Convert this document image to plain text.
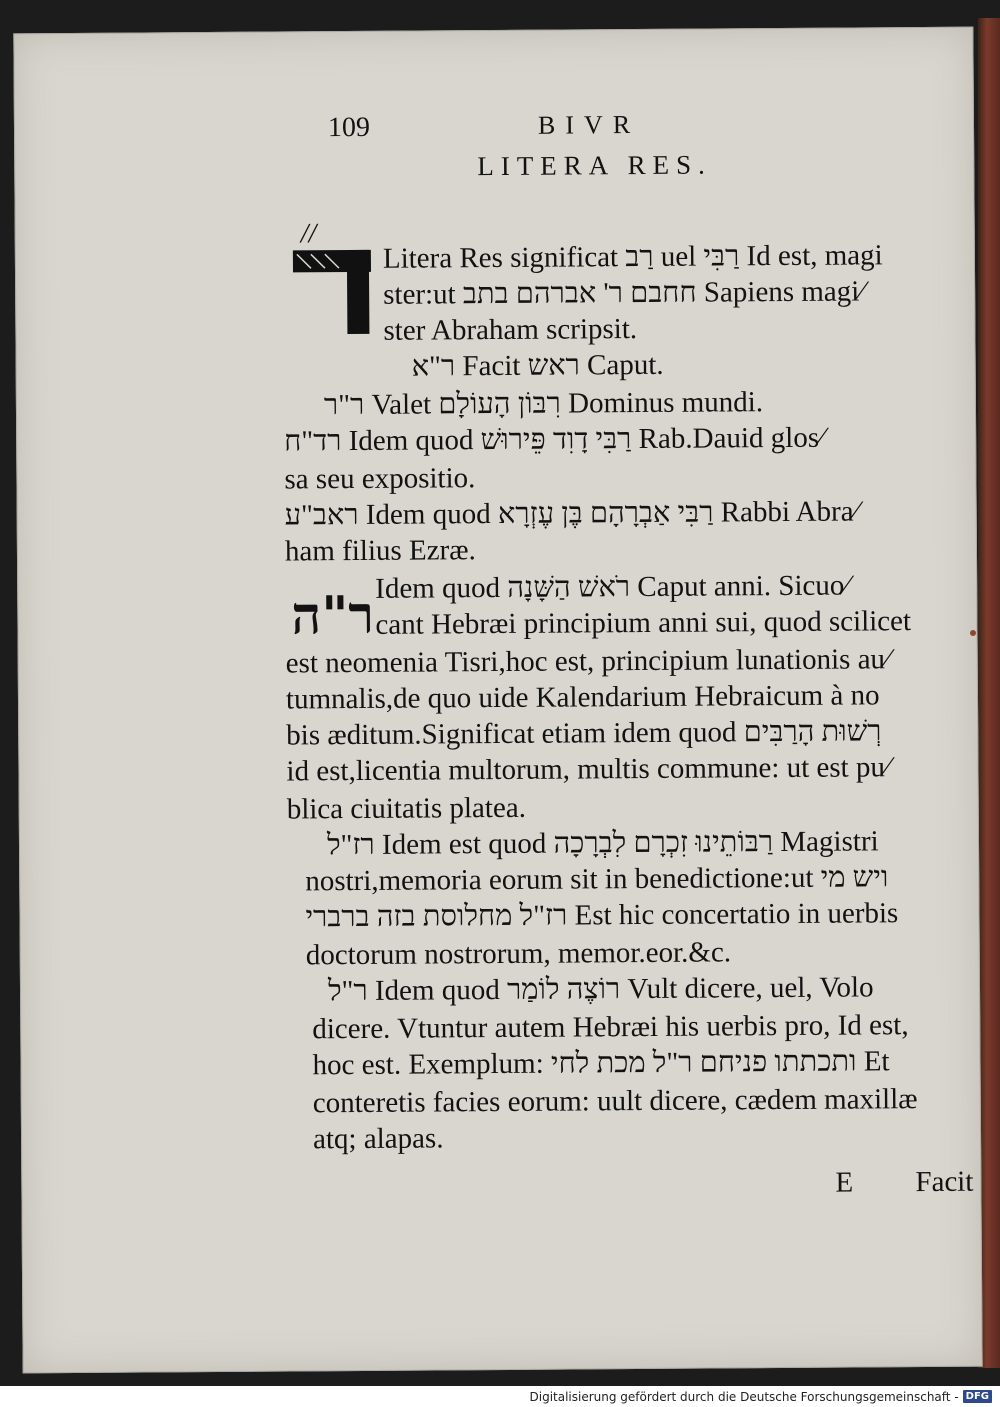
109	BIVR
LITERA RES.
//
ר"ה
Litera Res significat רַב uel רַבִּי Id est, magi
ster:ut חחבם ר' אברהם בתב Sapiens magi⁄
ster Abraham scripsit.
ר"א Facit ראש Caput.
ר"ר Valet רִבּוֹן הָעוֹלָם Dominus mundi.
רד"ח Idem quod רַבִּי דָוִד פֵּירוּשׁ Rab.Dauid glos⁄
sa seu expositio.
ראב"ע Idem quod רַבִּי אַבְרָהָם בֶּן עֶזְרָא Rabbi Abra⁄
ham filius Ezræ.
Idem quod רֹאשׁ הַשָּׁנָה Caput anni. Sicuo⁄
cant Hebræi principium anni sui, quod scilicet
est neomenia Tisri,hoc est, principium lunationis au⁄
tumnalis,de quo uide Kalendarium Hebraicum à no
bis æditum.Significat etiam idem quod רְשׁוּת הָרַבִּים
id est,licentia multorum, multis commune: ut est pu⁄
blica ciuitatis platea.
רז"ל Idem est quod רַבּוֹתֵינוּ זִכְרָם לִבְרָכָה Magistri
nostri,memoria eorum sit in benedictione:ut ויש מי
רז"ל מחלוסת בזה ברברי Est hic concertatio in uerbis
doctorum nostrorum, memor.eor.&c.
ר"ל Idem quod רוֹצֶה לוֹמַר Vult dicere, uel, Volo
dicere. Vtuntur autem Hebræi his uerbis pro, Id est,
hoc est. Exemplum: ותכתתו פניחם ר"ל מכת לחי Et
conteretis facies eorum: uult dicere, cædem maxillæ
atq; alapas.
E Facit
Digitalisierung gefördert durch die Deutsche Forschungsgemeinschaft - DFG
